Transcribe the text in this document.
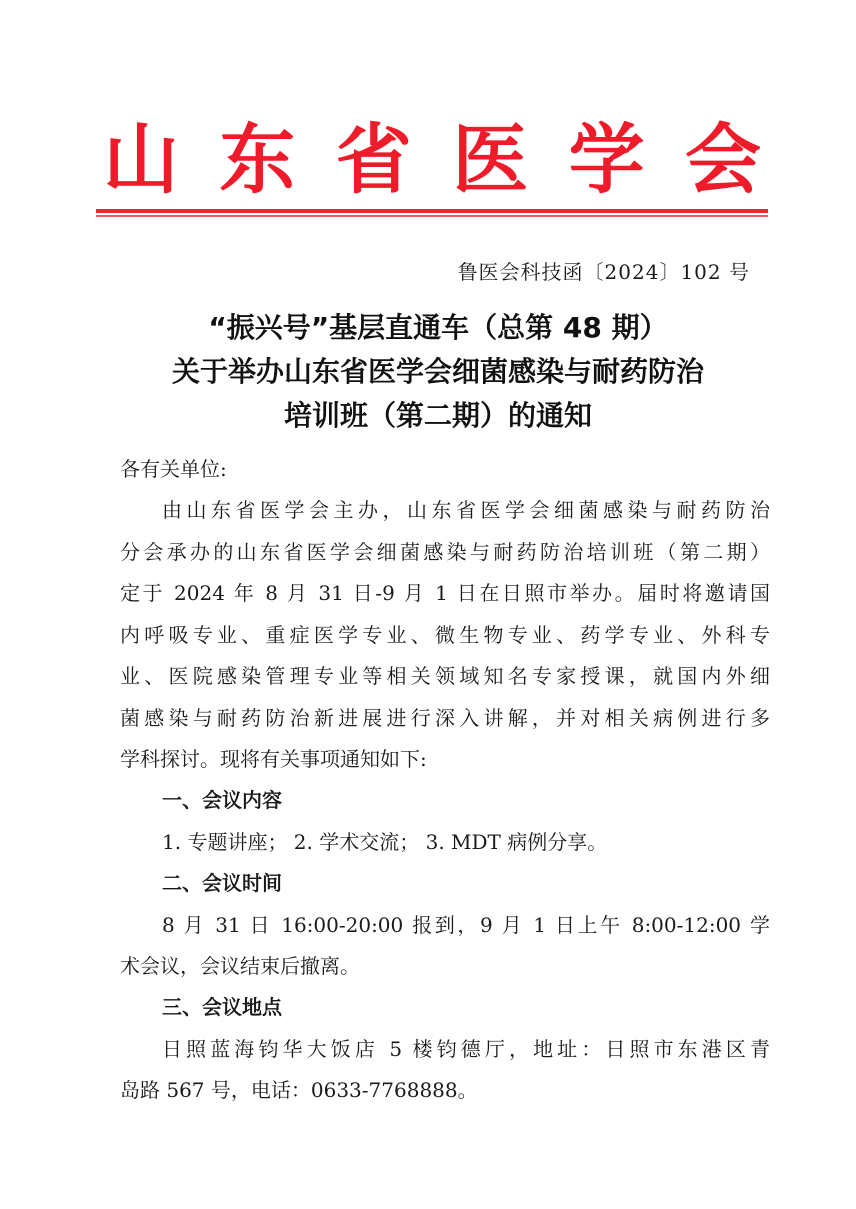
山 东 省 医 学 会
鲁医会科技函〔2024〕102 号
“振兴号”基层直通车（总第 48 期）
关于举办山东省医学会细菌感染与耐药防治
培训班（第二期）的通知
各有关单位:
由山东省医学会主办，山东省医学会细菌感染与耐药防治
分会承办的山东省医学会细菌感染与耐药防治培训班（第二期）
定于 2024 年 8 月 31 日-9 月 1 日在日照市举办。届时将邀请国
内呼吸专业、重症医学专业、微生物专业、药学专业、外科专
业、医院感染管理专业等相关领域知名专家授课，就国内外细
菌感染与耐药防治新进展进行深入讲解，并对相关病例进行多
学科探讨。现将有关事项通知如下:
一、会议内容
1. 专题讲座； 2. 学术交流； 3. MDT 病例分享。
二、会议时间
8 月 31 日 16:00-20:00 报到，9 月 1 日上午 8:00-12:00 学
术会议，会议结束后撤离。
三、会议地点
日照蓝海钧华大饭店 5 楼钧德厅，地址：日照市东港区青
岛路 567 号，电话：0633-7768888。
